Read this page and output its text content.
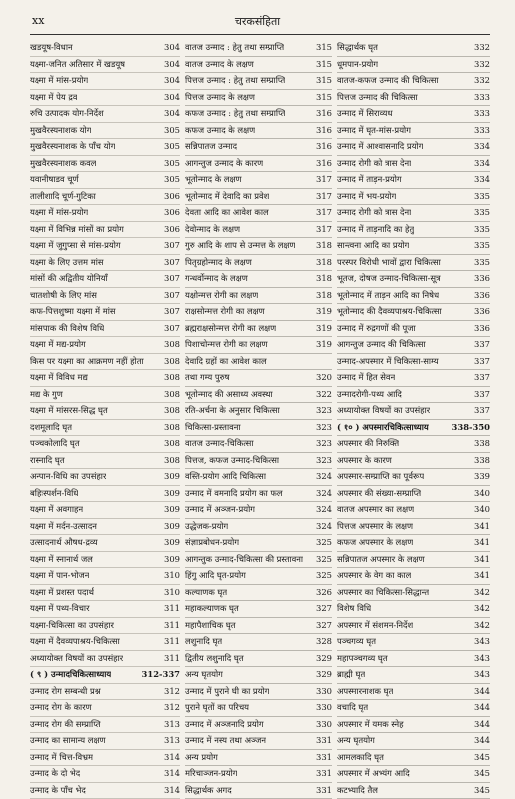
xx	चरकसंहिता
खडयूष-विधान	304
यक्ष्मा-जनित अतिसार में खडयूष	304
यक्ष्मा में मांस-प्रयोग	304
यक्ष्मा में पेय द्रव	304
रुचि उत्पादक योग-निर्देश	304
मुखवैरस्यनाशक योग	305
मुखवैरस्यनाशक के पाँच योग	305
मुखवैरस्यनाशक कवल	305
यवानीषाडव चूर्ण	305
तालीशादि चूर्ण-गुटिका	306
यक्ष्मा में मांस-प्रयोग	306
यक्ष्मा में विभिन्न मांसों का प्रयोग	306
यक्ष्मा में जुगुप्सा से मांस-प्रयोग	307
यक्ष्मा के लिए उत्तम मांस	307
मांसों की अद्वितीय योनियाँ	307
चातशोषी के लिए मांस	307
कफ-पित्तशुष्मा यक्ष्मा में मांस	307
मांसपाक की विशेष विधि	307
यक्ष्मा में मद्य-प्रयोग	308
किस पर यक्ष्मा का आक्रमण नहीं होता 308
यक्ष्मा में विविध मद्य	308
मद्य के गुण	308
यक्ष्मा में मांसरस-सिद्ध घृत	308
दशमूलादि घृत	308
पञ्चकोलादि घृत	308
रास्नादि घृत	308
अन्पान-विधि का उपसंहार	309
बहिःस्पर्शन-विधि	309
यक्ष्मा में अवगाहन	309
यक्ष्मा में मर्दन-उत्सादन	309
उत्सादनार्थ औषध-द्रव्य	309
यक्ष्मा में स्नानार्थ जल	309
यक्ष्मा में पान-भोजन	310
यक्ष्मा में प्रशस्त पदार्थ	310
यक्ष्मा में पथ्य-विचार	311
यक्ष्मा-चिकित्सा का उपसंहार	311
यक्ष्मा में दैवव्यपाश्रय-चिकित्सा	311
अध्यायोक्त विषयों का उपसंहार	311
( ९ ) उन्मादचिकित्साध्याय	312-337
उन्माद रोग सम्बन्धी प्रश्न	312
उन्माद रोग के कारण	312
उन्माद रोग की सम्प्राप्ति	313
उन्माद का सामान्य लक्षण	313
उन्माद में चित्त-विभ्रम	314
उन्माद के दो भेद	314
उन्माद के पाँच भेद	314
वातज उन्माद : हेतु तथा सम्प्राप्ति	315
वातज उन्माद के लक्षण	315
पित्तज उन्माद : हेतु तथा सम्प्राप्ति	315
पित्तज उन्माद के लक्षण	315
कफज उन्माद : हेतु तथा सम्प्राप्ति	316
कफज उन्माद के लक्षण	316
सन्निपातज उन्माद	316
आगन्तुज उन्माद के कारण	316
भूतोन्माद के लक्षण	317
भूतोन्माद में देवादि का प्रवेश	317
देवता आदि का आवेश काल	317
देवोन्माद के लक्षण	317
गुरु आदि के शाप से उन्मत्त के लक्षण 318
पितृग्रहोन्माद के लक्षण	318
गन्धर्वोन्माद के लक्षण	318
यक्षोन्मत्त रोगी का लक्षण	318
राक्षसोन्मत्त रोगी का लक्षण	319
ब्रह्मराक्षसोन्मत्त रोगी का लक्षण	319
पिशाचोन्मत्त रोगी का लक्षण	319
देवादि ग्रहों का आवेश काल
तथा गम्य पुरुष	320
भूतोन्माद की असाध्य अवस्था	322
रति-अर्चना के अनुसार चिकित्सा	323
चिकित्सा-प्रस्तावना	323
वातज उन्माद-चिकित्सा	323
पित्तज, कफज उन्माद-चिकित्सा	323
वस्ति-प्रयोग आदि चिकित्सा	324
उन्माद में वमनादि प्रयोग का फल	324
उन्माद में अञ्जन-प्रयोग	324
उद्धेजक-प्रयोग	324
संज्ञाप्रबोधन-प्रयोग	325
आगन्तुक उन्माद-चिकित्सा की प्रस्तावना 325
हिंगु आदि घृत-प्रयोग	325
कल्याणक घृत	326
महाकल्याणक घृत	327
महापैशाचिक घृत	327
लशुनादि घृत	328
द्वितीय लशुनादि घृत	329
अन्य घृतयोग	329
उन्माद में पुराने घी का प्रयोग	330
पुराने घृतों का परिचय	330
उन्माद में अञ्जनादि प्रयोग	330
उन्माद में नस्य तथा अञ्जन	331
अन्य प्रयोग	331
मरिचाञ्जन-प्रयोग	331
सिद्धार्थक अगद	331
सिद्धार्थक घृत	332
धूमपान-प्रयोग	332
वातज-कफज उन्माद की चिकित्सा	332
पित्तज उन्माद की चिकित्सा	333
उन्माद में सिराव्यध	333
उन्माद में घृत-मांस-प्रयोग	333
उन्माद में आश्वासनादि प्रयोग	334
उन्माद रोगी को त्रास देना	334
उन्माद में ताड़न-प्रयोग	334
उन्माद में भय-प्रयोग	335
उन्माद रोगी को त्रास देना	335
उन्माद में ताड़नादि का हेतु	335
सान्त्वना आदि का प्रयोग	335
परस्पर विरोधी भावों द्वारा चिकित्सा	335
भूतज, दोषज उन्माद-चिकित्सा-सूत्र	336
भूतोन्माद में ताड़न आदि का निषेध	336
भूतोन्माद की दैवव्यपाश्रय-चिकित्सा	336
उन्माद में रुद्रगणों की पूजा	336
आगन्तुज उन्माद की चिकित्सा	337
उन्माद-अपस्मार में चिकित्सा-साम्य	337
उन्माद में हित सेवन	337
उन्मादरोगी-पथ्य आदि	337
अध्यायोक्त विषयों का उपसंहार	337
( १० ) अपस्मारचिकित्साध्याय	338-350
अपस्मार की निरुक्ति	338
अपस्मार के कारण	338
अपस्मार-सम्प्राप्ति का पूर्वरूप	339
अपस्मार की संख्या-सम्प्राप्ति	340
वातज अपस्मार का लक्षण	340
पित्तज अपस्मार के लक्षण	341
कफज अपस्मार के लक्षण	341
सन्निपातज अपस्मार के लक्षण	341
अपस्मार के वेग का काल	341
अपस्मार का चिकित्सा-सिद्धान्त	342
विशेष विधि	342
अपस्मार में संशमन-निर्देश	342
पञ्चगव्य घृत	343
महापञ्चगव्य घृत	343
ब्राह्मी घृत	343
अपस्मारनाशक घृत	344
वचादि घृत	344
अपस्मार में यमक स्नेह	344
अन्य घृतयोग	344
आमलकादि घृत	345
अपस्मार में अभ्यंग आदि	345
कटभ्यादि तैल	345
